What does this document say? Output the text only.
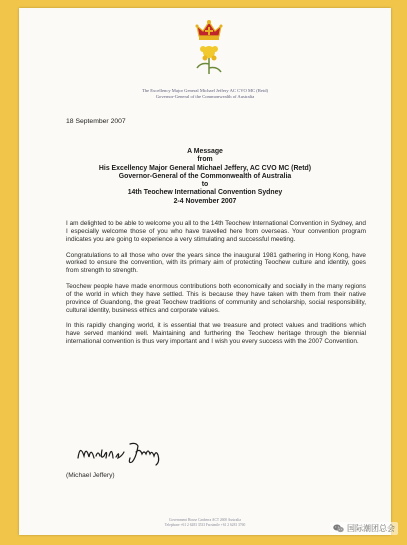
The Excellency Major General Michael Jeffery AC CVO MC (Retd)
Governor-General of the Commonwealth of Australia
18 September 2007
A Message
from
His Excellency Major General Michael Jeffery, AC CVO MC (Retd)
Governor-General of the Commonwealth of Australia
to
14th Teochew International Convention Sydney
2-4 November 2007

I am delighted to be able to welcome you all to the 14th Teochew International Convention in Sydney, and I especially welcome those of you who have travelled here from overseas. Your convention program indicates you are going to experience a very stimulating and successful meeting.

Congratulations to all those who over the years since the inaugural 1981 gathering in Hong Kong, have worked to ensure the convention, with its primary aim of protecting Teochew culture and identity, goes from strength to strength.

Teochew people have made enormous contributions both economically and socially in the many regions of the world in which they have settled. This is because they have taken with them from their native province of Guandong, the great Teochew traditions of community and scholarship, social responsibility, cultural identity, business ethics and corporate values.

In this rapidly changing world, it is essential that we treasure and protect values and traditions which have served mankind well. Maintaining and furthering the Teochew heritage through the biennial international convention is thus very important and I wish you every success with the 2007 Convention.

(Michael Jeffery)
Government House Canberra ACT 2600 Australia
Telephone +61 2 6283 3533 Facsimile +61 2 6281 3760	国际潮团总会
